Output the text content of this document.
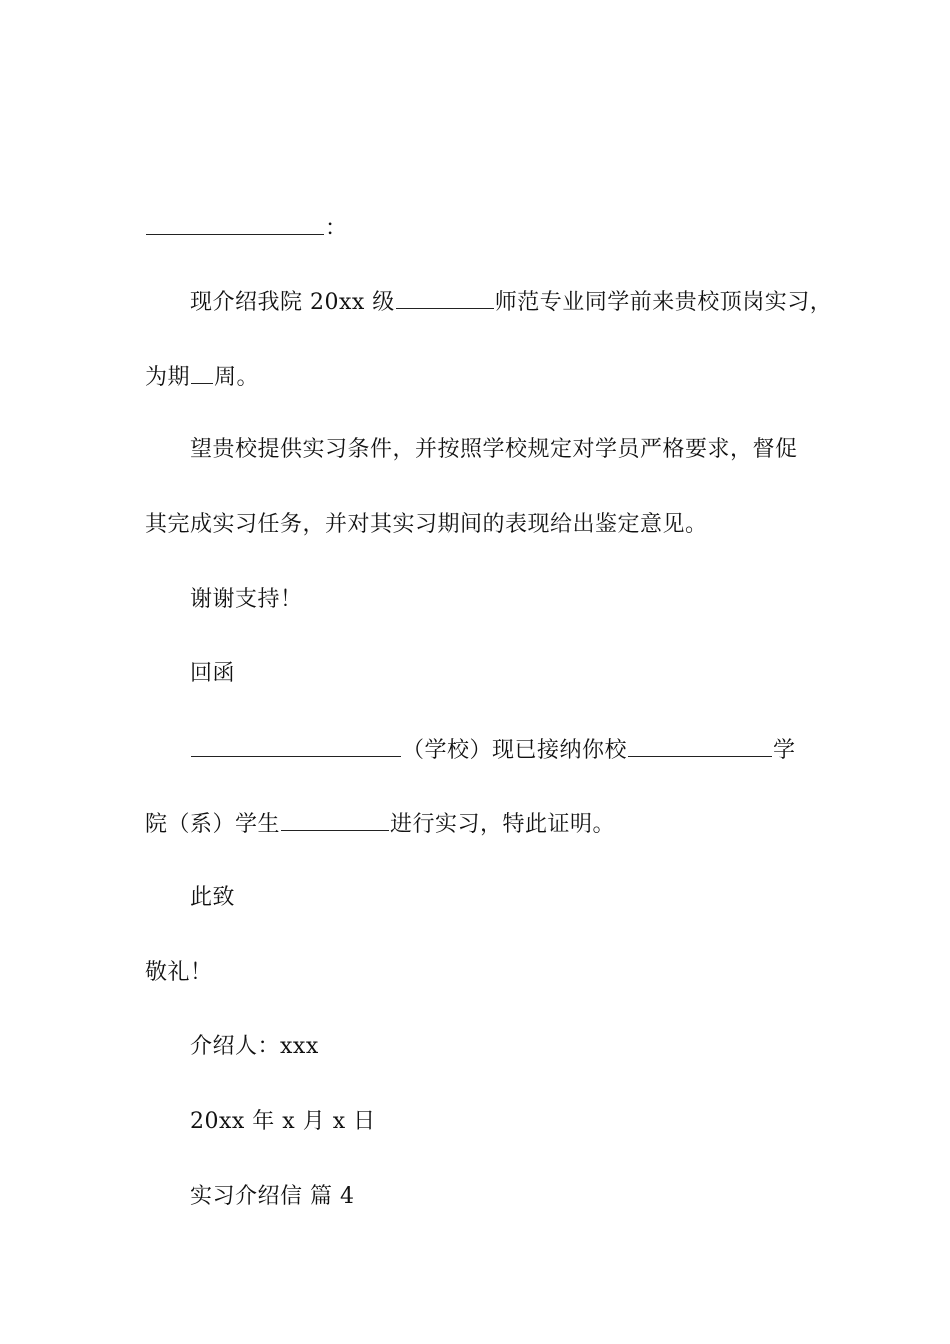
：
现介绍我院 20xx 级	师范专业同学前来贵校顶岗实习，
为期 周。
望贵校提供实习条件，并按照学校规定对学员严格要求，督促
其完成实习任务，并对其实习期间的表现给出鉴定意见。
谢谢支持！
回函
（学校）现已接纳你校	学
院（系）学生	进行实习，特此证明。
此致
敬礼！
介绍人：xxx
20xx 年 x 月 x 日
实习介绍信 篇 4
